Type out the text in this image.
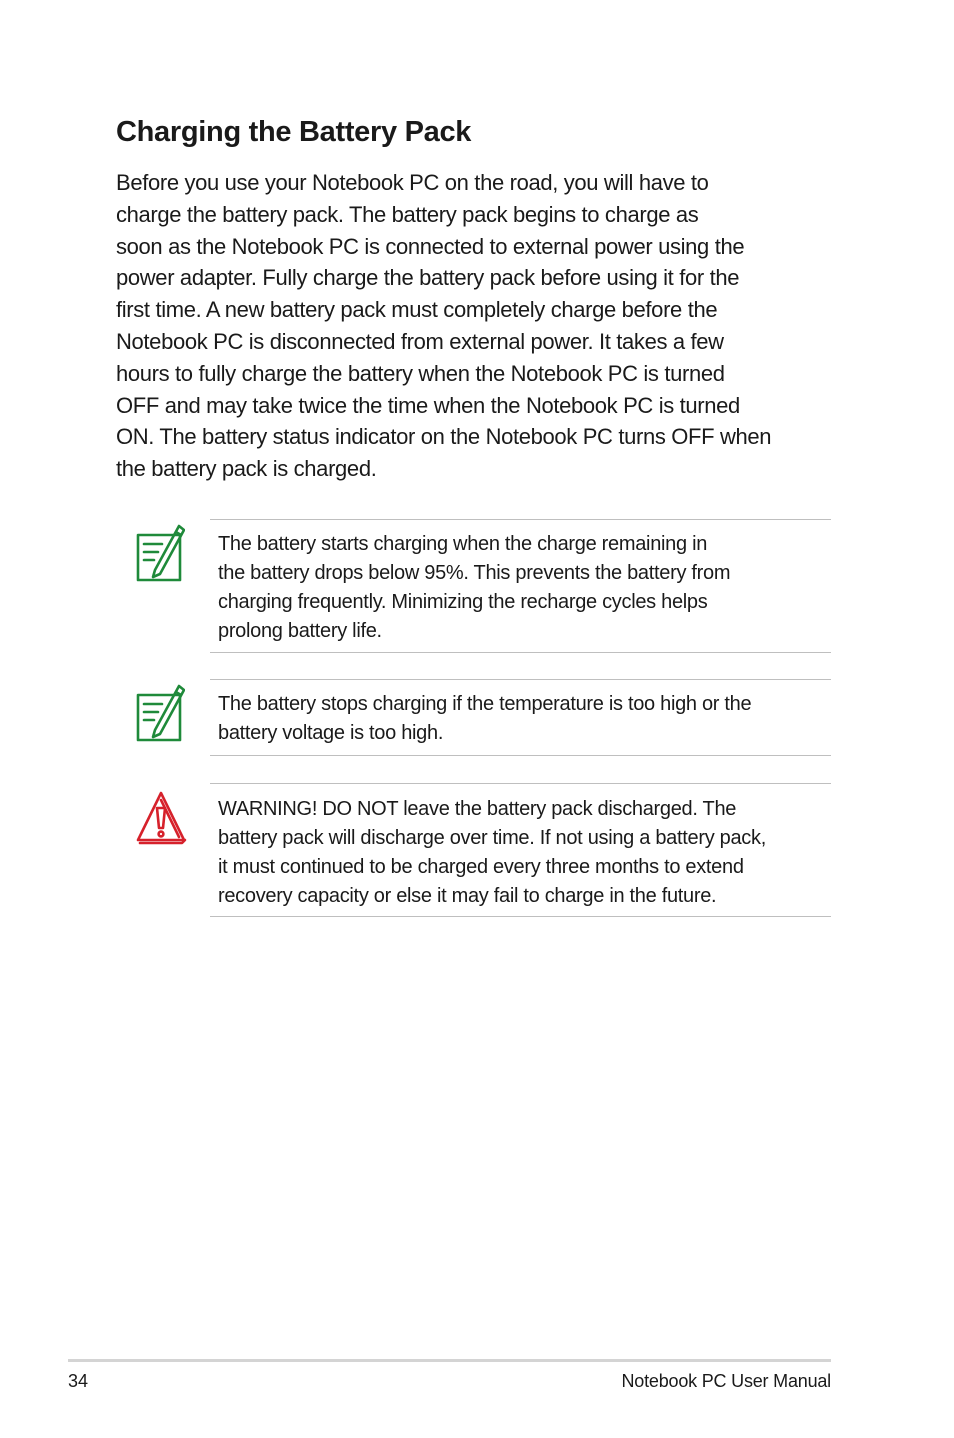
Charging the Battery Pack

Before you use your Notebook PC on the road, you will have to
charge the battery pack. The battery pack begins to charge as
soon as the Notebook PC is connected to external power using the
power adapter. Fully charge the battery pack before using it for the
first time. A new battery pack must completely charge before the
Notebook PC is disconnected from external power. It takes a few
hours to fully charge the battery when the Notebook PC is turned
OFF and may take twice the time when the Notebook PC is turned
ON. The battery status indicator on the Notebook PC turns OFF when
the battery pack is charged.

The battery starts charging when the charge remaining in
the battery drops below 95%. This prevents the battery from
charging frequently. Minimizing the recharge cycles helps
prolong battery life.

The battery stops charging if the temperature is too high or the
battery voltage is too high.

WARNING! DO NOT leave the battery pack discharged. The
battery pack will discharge over time. If not using a battery pack,
it must continued to be charged every three months to extend
recovery capacity or else it may fail to charge in the future.

34	Notebook PC User Manual
